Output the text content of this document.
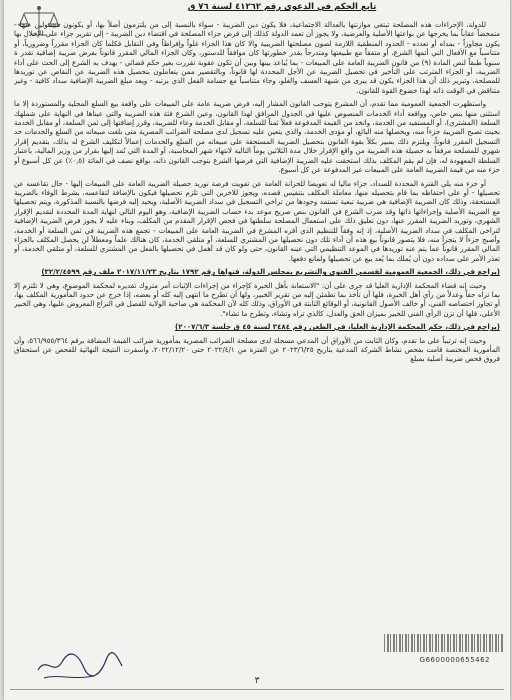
تابع الحكم في الدعوى رقم ٤١٢٦٢ لسنة ٧٦ ق

للدولة، الإجراءات هذه المصلحة تبتغي موازنتها بالعدالة الاجتماعية، فلا يكون دين الضريبة - سواء بالنسبة إلى من يلتزمون أصلاً بها، أو يكونون مسئولين عنها - متمخضاً عقاباً بما يخرجها عن بواعثها الأصلية والعرضية، ولا يجوز أن تعمد الدولة كذلك إلى فرض جزاء المصلحة في اقتضاء دين الضريبة - إلى تقرير جزاء على الإخلال بها يكون مجاوزاً - بمداه أو تعدده - الحدود المنطقية اللازمة لصون مصلحتها الضريبية والا كان هذا الجزاء غلواً وإفراطاً وفي التقابل فكلما كان الجزاء مقرراً وضرورياً، أو متناسباً مع الأفعال التي أتمها الشرع، أو متفقاً مع طبيعتها ومتدرجاً بقدر خطورتها كان موافقاً للدستور، وكان الجزاء المالي المقرر قانوناً بفرض ضريبة إضافية تقدر ة سنوياً طبقاً لنص المادة (٩) من قانون الضريبة العامة على المبيعات - بما يُباعد بينها وبين أن تكون عقوبة تقررت بغير حكم قضائي - يهدف به الشرع إلى الحث على أداء الضريبة، أو الجزاء المترتب على التأخير في تحصيل الضريبة عن الأجل المحددة لها قانوناً، وبالتقصير ممن يتعاملون بتحصيل هذه الضريبة عن النقاص عن توريدها للمصلحة، وتبرير ذلك أن هذا الجزاء يكون قد يبرى من شبهة العسف والغلو، وجاء متناسباً مع جسامة الفعل الذي يرتبه - ويعد مبلغ الضريبة الإضافية سداد كافية - وغير متناقض في الوقت ذاته لهذا خضوع القوة للقانون.

واستظهرت الجمعية العمومية مما تقدم، أن المشرع يتوجب القانون المشار إليه، فرض ضريبة عامة على المبيعات على واقعة بيع السلع المحلية والمستوردة إلا ما استثنى منها بنص خاص، وواقعة أداء الخدمات المنصوص عليها في الجدول المرافق لهذا القانون، وعين الشرع فئة هذه الضريبة والتي عيناها في النهاية على شملهك السلعة (المشتري)، أو المستفيد من الخدمة، واتخذ من القيمة المدفوعة فعلاً ثمناً للسلعة، أو مقابل الخدمة وعاء للضريبة، وقرر إضافتها إلى ثمن السلعة، أو مقابل الخدمة بحيث تصبح الضريبة جزءاً منه، ويحصلها منه البائع، أو مؤدى الخدمة، والذي يتعين عليه تسجيل لدى مصلحة الضرائب المصرية متى بلغت مبيعاته من السلع والخدمات حد التسجيل المقرر قانوناً، ويلتزم ذلك بمبير بكلاً بقوة القانون بتحصيل الضريبة المستحقة على مبيعاته من السلع والخدمات إعمالاً لتكليف الشرع له بذلك، بتقديم إقرار شهري للمصلحة مرفقاً به حصيلة هذه الضريبة من واقع الإقرار خلال مدة الثلاثين يوماً التالية لانتهاء شهر المحاسبة، أو المدة التي تُمد إليها بقرار من وزير المالية، باعتبار السلطة المعهودة له، فإن لم يقم المكلف بذلك استحقت عليه الضريبة الإضافية التي فرضها الشرع بتوجب القانون ذاته، بواقع نصف في المائة (٠,٥٪) عن كل أسبوع أو جزء منه من قيمة الضريبة العامة على المبيعات غير المدفوعة عن كل أسبوع.

أو جزء منه يلي الفترة المحددة للسداد، جزاء ماليا له تعويضا للخزانة العامة عن تفويت فرصة توريد حصيلة الضريبة العامة على المبيعات إليها - حال تقاعسه عن تحصيلها - أو على احتفاظه بما قام بتحصيله منها، معاملة المكلف بتنفيس قصده، ويجوز للاخرين التي تلزم تحصيلها فيكون بالإضافة لتقاعسه، بشرط الوفاء بالضريبة المستحقة، وذلك كان الضريبة الإضافية هي ضريبة تبعية تستمد وجودها من تراخي التسجيل في سداد الضريبة الأصلية، ويحيد إليه فرضها بالنسبة المذكورة، ويتم تحصيلها مع الضريبة الأصلية وإجراءاتها ذاتها وقد ضرب الشرع في القانون بنص صريح موعد بدء حساب الضريبة الإضافية، وهو اليوم التالي لنهاية المدة المحددة لتقديم الإقرار الشهري، وتوريد الضريبة المقرر عنها، دون تعليق ذلك على استعمال المصلحة سلطتها في فحص الإقرار المقدم من المكلف، وبناء عليه لا يجوز فرض الضريبة الإضافية لتراخى المكلف في سداد الضريبة الأصلية، إذ إنه وفقاً للتنظيم الذي أقره المشرع في الضريبة العامة على المبيعات - تجمع هذه الضريبة في ثمن السلعة أو الخدمة، وأصبح جزءاً لا يتجزأ منه، فلا يتصور قانوناً بيع هذه أن أداء تلك دون تحصيلها من المشتري للسلعة، أو متلقي الخدمة، كان هنالك علماً ومعطلاً لن يحصل المكلف بالجزاء المالي المقرر قانوناً عما يتم عنه توريدها في الموعد التنظيمي التي عينه القانون، حتى ولو كان قد أهمل في تحصيلها بالفعل من المشتري للسلعة، أو متلقي الخدمة، أو تعذر الأمر على سداده دون أن يُملك بما يُعد بيع عن تحصيلها ولمانع دفعها.

(يراجع في ذلك، الجمعية العمومية لقسمي الفتوى والتشريع بمجلس الدولة، فتواها رقم ١٧٩٢ بتاريخ ٢٠١٧/١١/٢٣ ملف رقم ٣٢/٢/٤٥٩٩)

وحيث إنه قضاء المحكمة الإدارية العليا قد جرى على أن: "الاستعانة بأهل الخبرة كإجراء من إجراءات الإثبات أمر متروك تقديره لمحكمة الموضوع، وهي لا تلتزم إلا بما تراه حقاً وعدلاً من رأي أهل الخبرة، فلها أن تأخذ بما تطمئن إليه من تقرير الخبير، ولها أن تطرح ما انتهى إليه كله أو بعضه، إذا خرج عن حدود المأمورية المكلف بها، أو تجاوز اختصاصه الفني، أو خالف الأصول القانونية، أو الوقائع الثابتة في الأوراق، وذلك كله لأن المحكمة هي صاحبة الولاية للفصل في النزاع المعروض عليها، وهي الخبير الأعلى، فلها أن تزن الرأي الفني للخبير بميزان الحق والعدل، كالذي تراه وتشاء، وتطرح ما تشاء".

(يراجع في ذلك، حكم المحكمة الإدارية العليا، في الطعن رقم ٣٤٨٤ لسنة ٤٥ ق جلسة ٢٠٠٧/٦/٣)

وحيث إنه ترتيباً على ما تقدم، وكان الثابت من الأوراق أن المدعي مسجلة لدى مصلحة الضرائب المصرية بمأمورية ضرائب القيمة المضافة برقم ٥٦٦/٩٥٥/٣٦٤، وأن المأمورية المختصة قامت بفحص نشاط الشركة المدعية بتاريخ ٢٠٢٣/٦/٢٥ عن الفترة من ٢٠٢٢/٤/١ حتى ٢٠٢٢/١٢/٢٠، واسفرت النتيجة النهائية للفحص عن استحقاق فروق فحص ضريبة أصلية بمبلغ

G6600000655462
٣
